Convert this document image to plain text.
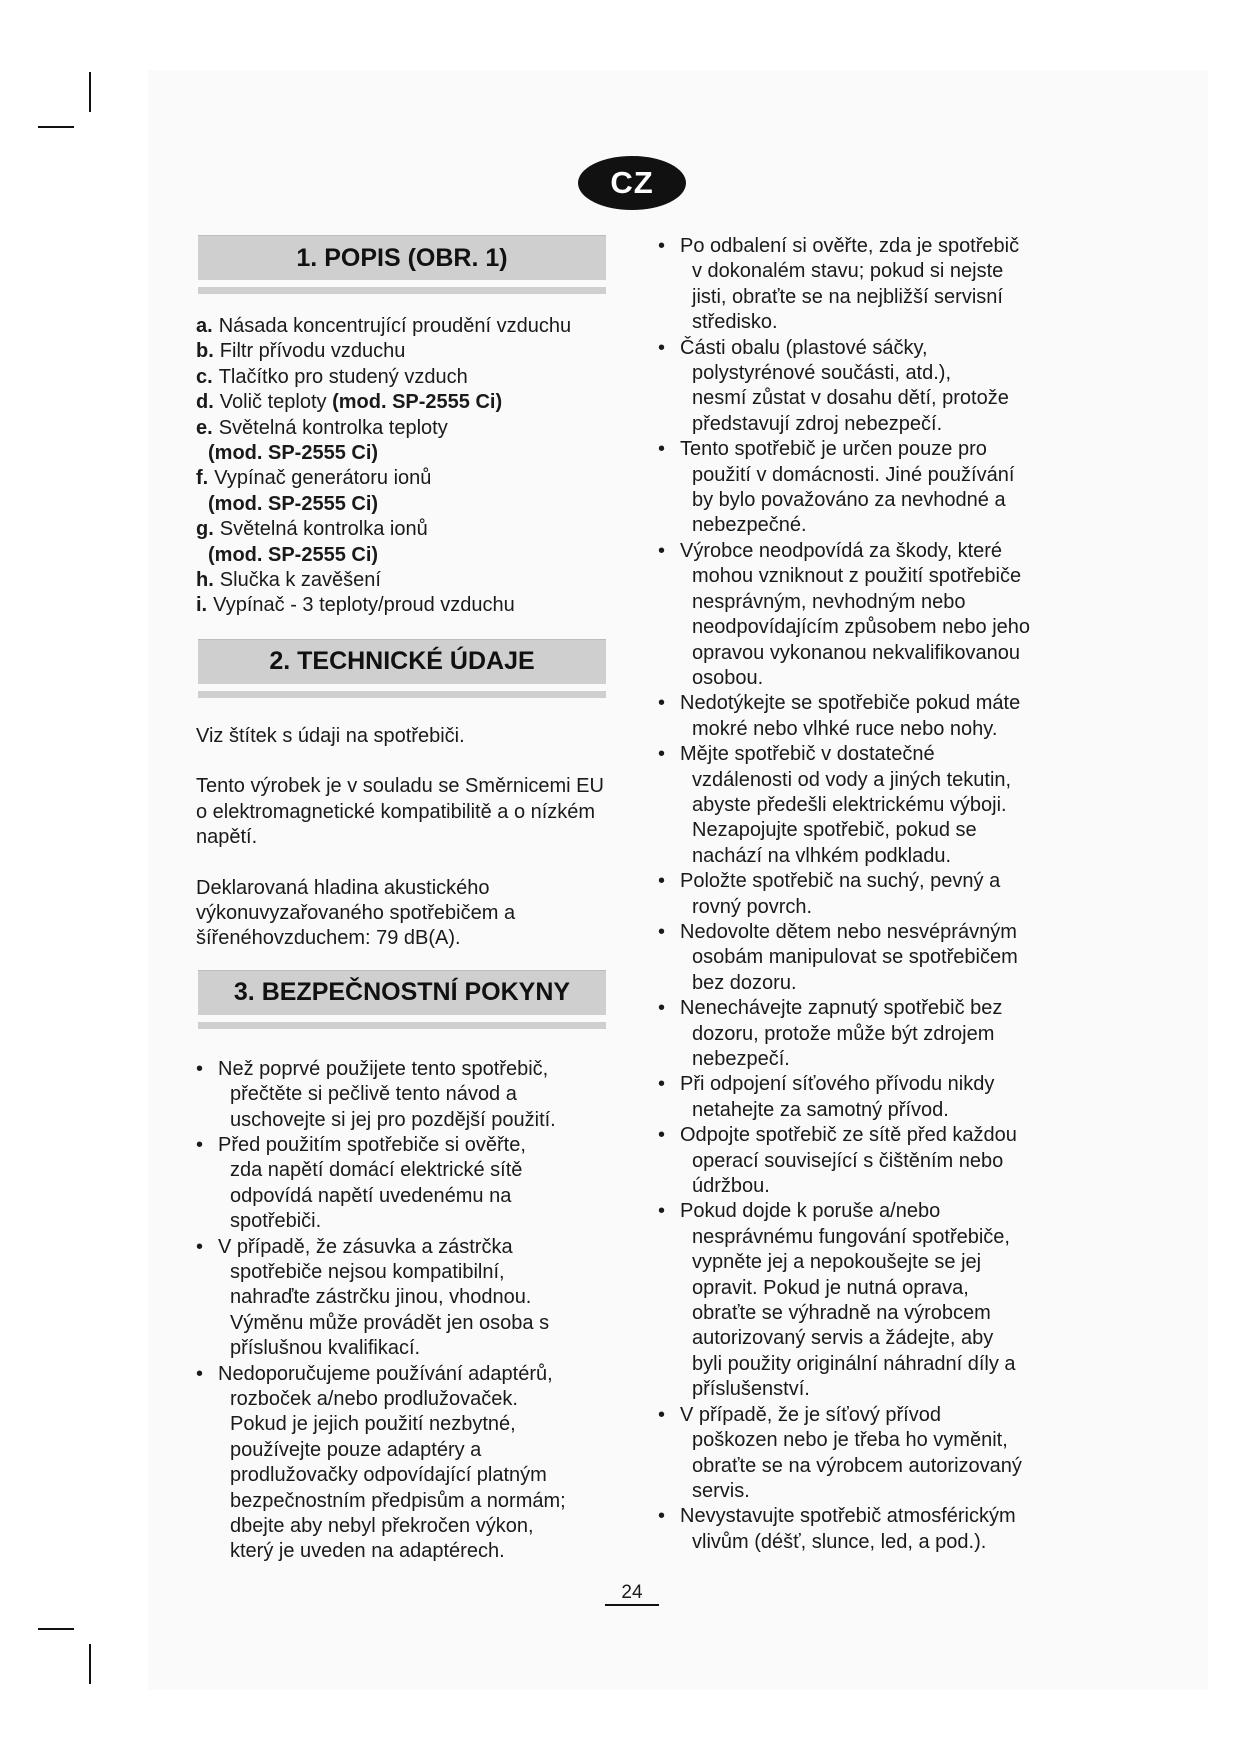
CZ
1. POPIS (OBR. 1)
a. Násada koncentrující proudění vzduchu
b. Filtr přívodu vzduchu
c. Tlačítko pro studený vzduch
d. Volič teploty (mod. SP-2555 Ci)
e. Světelná kontrolka teploty
(mod. SP-2555 Ci)
f. Vypínač generátoru ionů
(mod. SP-2555 Ci)
g. Světelná kontrolka ionů
(mod. SP-2555 Ci)
h. Slučka k zavěšení
i. Vypínač - 3 teploty/proud vzduchu
2. TECHNICKÉ ÚDAJE

Viz štítek s údaji na spotřebiči.

Tento výrobek je v souladu se Směrnicemi EU
o elektromagnetické kompatibilitě a o nízkém
napětí.

Deklarovaná hladina akustického
výkonuvyzařovaného spotřebičem a
šířenéhovzduchem: 79 dB(A).

3. BEZPEČNOSTNÍ POKYNY
• Než poprvé použijete tento spotřebič,
přečtěte si pečlivě tento návod a
uschovejte si jej pro pozdější použití.
• Před použitím spotřebiče si ověřte,
zda napětí domácí elektrické sítě
odpovídá napětí uvedenému na
spotřebiči.
• V případě, že zásuvka a zástrčka
spotřebiče nejsou kompatibilní,
nahraďte zástrčku jinou, vhodnou.
Výměnu může provádět jen osoba s
příslušnou kvalifikací.
• Nedoporučujeme používání adaptérů,
rozboček a/nebo prodlužovaček.
Pokud je jejich použití nezbytné,
používejte pouze adaptéry a
prodlužovačky odpovídající platným
bezpečnostním předpisům a normám;
dbejte aby nebyl překročen výkon,
který je uveden na adaptérech.
• Po odbalení si ověřte, zda je spotřebič
v dokonalém stavu; pokud si nejste
jisti, obraťte se na nejbližší servisní
středisko.
• Části obalu (plastové sáčky,
polystyrénové součásti, atd.),
nesmí zůstat v dosahu dětí, protože
představují zdroj nebezpečí.
• Tento spotřebič je určen pouze pro
použití v domácnosti. Jiné používání
by bylo považováno za nevhodné a
nebezpečné.
• Výrobce neodpovídá za škody, které
mohou vzniknout z použití spotřebiče
nesprávným, nevhodným nebo
neodpovídajícím způsobem nebo jeho
opravou vykonanou nekvalifikovanou
osobou.
• Nedotýkejte se spotřebiče pokud máte
mokré nebo vlhké ruce nebo nohy.
• Mějte spotřebič v dostatečné
vzdálenosti od vody a jiných tekutin,
abyste předešli elektrickému výboji.
Nezapojujte spotřebič, pokud se
nachází na vlhkém podkladu.
• Položte spotřebič na suchý, pevný a
rovný povrch.
• Nedovolte dětem nebo nesvéprávným
osobám manipulovat se spotřebičem
bez dozoru.
• Nenechávejte zapnutý spotřebič bez
dozoru, protože může být zdrojem
nebezpečí.
• Při odpojení síťového přívodu nikdy
netahejte za samotný přívod.
• Odpojte spotřebič ze sítě před každou
operací související s čištěním nebo
údržbou.
• Pokud dojde k poruše a/nebo
nesprávnému fungování spotřebiče,
vypněte jej a nepokoušejte se jej
opravit. Pokud je nutná oprava,
obraťte se výhradně na výrobcem
autorizovaný servis a žádejte, aby
byli použity originální náhradní díly a
příslušenství.
• V případě, že je síťový přívod
poškozen nebo je třeba ho vyměnit,
obraťte se na výrobcem autorizovaný
servis.
• Nevystavujte spotřebič atmosférickým
vlivům (déšť, slunce, led, a pod.).
24
